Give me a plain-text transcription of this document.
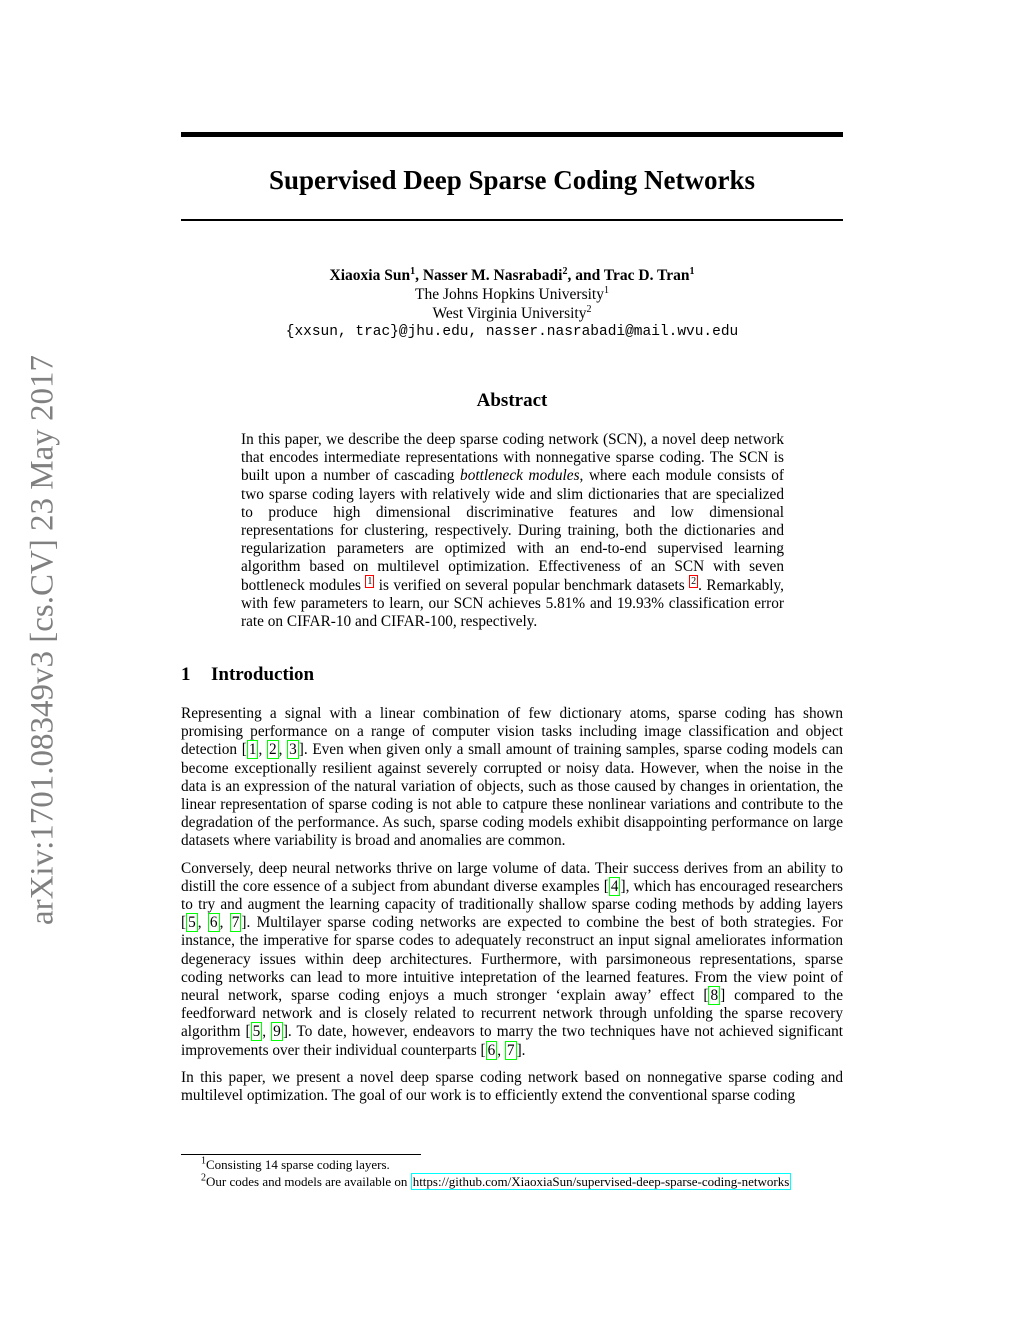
arXiv:1701.08349v3 [cs.CV] 23 May 2017
Supervised Deep Sparse Coding Networks
Xiaoxia Sun$^1$, Nasser M. Nasrabadi$^2$, and Trac D. Tran$^1$
The Johns Hopkins University$^1$
West Virginia University$^2$
{xxsun, trac}@jhu.edu, nasser.nasrabadi@mail.wvu.edu
Abstract
In this paper, we describe the deep sparse coding network (SCN), a novel deep network that encodes intermediate representations with nonnegative sparse coding. The SCN is built upon a number of cascading bottleneck modules, where each module consists of two sparse coding layers with relatively wide and slim dictionaries that are specialized to produce high dimensional discriminative features and low dimensional representations for clustering, respectively. During training, both the dictionaries and regularization parameters are optimized with an end-to-end supervised learning algorithm based on multilevel optimization. Effectiveness of an SCN with seven bottleneck modules $^1$ is verified on several popular benchmark datasets $^2$ . Remarkably, with few parameters to learn, our SCN achieves 5.81% and 19.93% classification error rate on CIFAR-10 and CIFAR-100, respectively.
1 Introduction

Representing a signal with a linear combination of few dictionary atoms, sparse coding has shown promising performance on a range of computer vision tasks including image classification and object detection [ 1 , 2 , 3 ]. Even when given only a small amount of training samples, sparse coding models can become exceptionally resilient against severely corrupted or noisy data. However, when the noise in the data is an expression of the natural variation of objects, such as those caused by changes in orientation, the linear representation of sparse coding is not able to catpure these nonlinear variations and contribute to the degradation of the performance. As such, sparse coding models exhibit disappointing performance on large datasets where variability is broad and anomalies are common.

Conversely, deep neural networks thrive on large volume of data. Their success derives from an ability to distill the core essence of a subject from abundant diverse examples [ 4 ], which has encouraged researchers to try and augment the learning capacity of traditionally shallow sparse coding methods by adding layers [ 5 , 6 , 7 ]. Multilayer sparse coding networks are expected to combine the best of both strategies. For instance, the imperative for sparse codes to adequately reconstruct an input signal ameliorates information degeneracy issues within deep architectures. Furthermore, with parsimoneous representations, sparse coding networks can lead to more intuitive intepretation of the learned features. From the view point of neural network, sparse coding enjoys a much stronger ‘explain away’ effect [ 8 ] compared to the feedforward network and is closely related to recurrent network through unfolding the sparse recovery algorithm [ 5 , 9 ]. To date, however, endeavors to marry the two techniques have not achieved significant improvements over their individual counterparts [ 6 , 7 ].

In this paper, we present a novel deep sparse coding network based on nonnegative sparse coding and multilevel optimization. The goal of our work is to efficiently extend the conventional sparse coding

$^1$Consisting 14 sparse coding layers.

$^2$Our codes and models are available on https://github.com/XiaoxiaSun/supervised-deep-sparse-coding-networks
